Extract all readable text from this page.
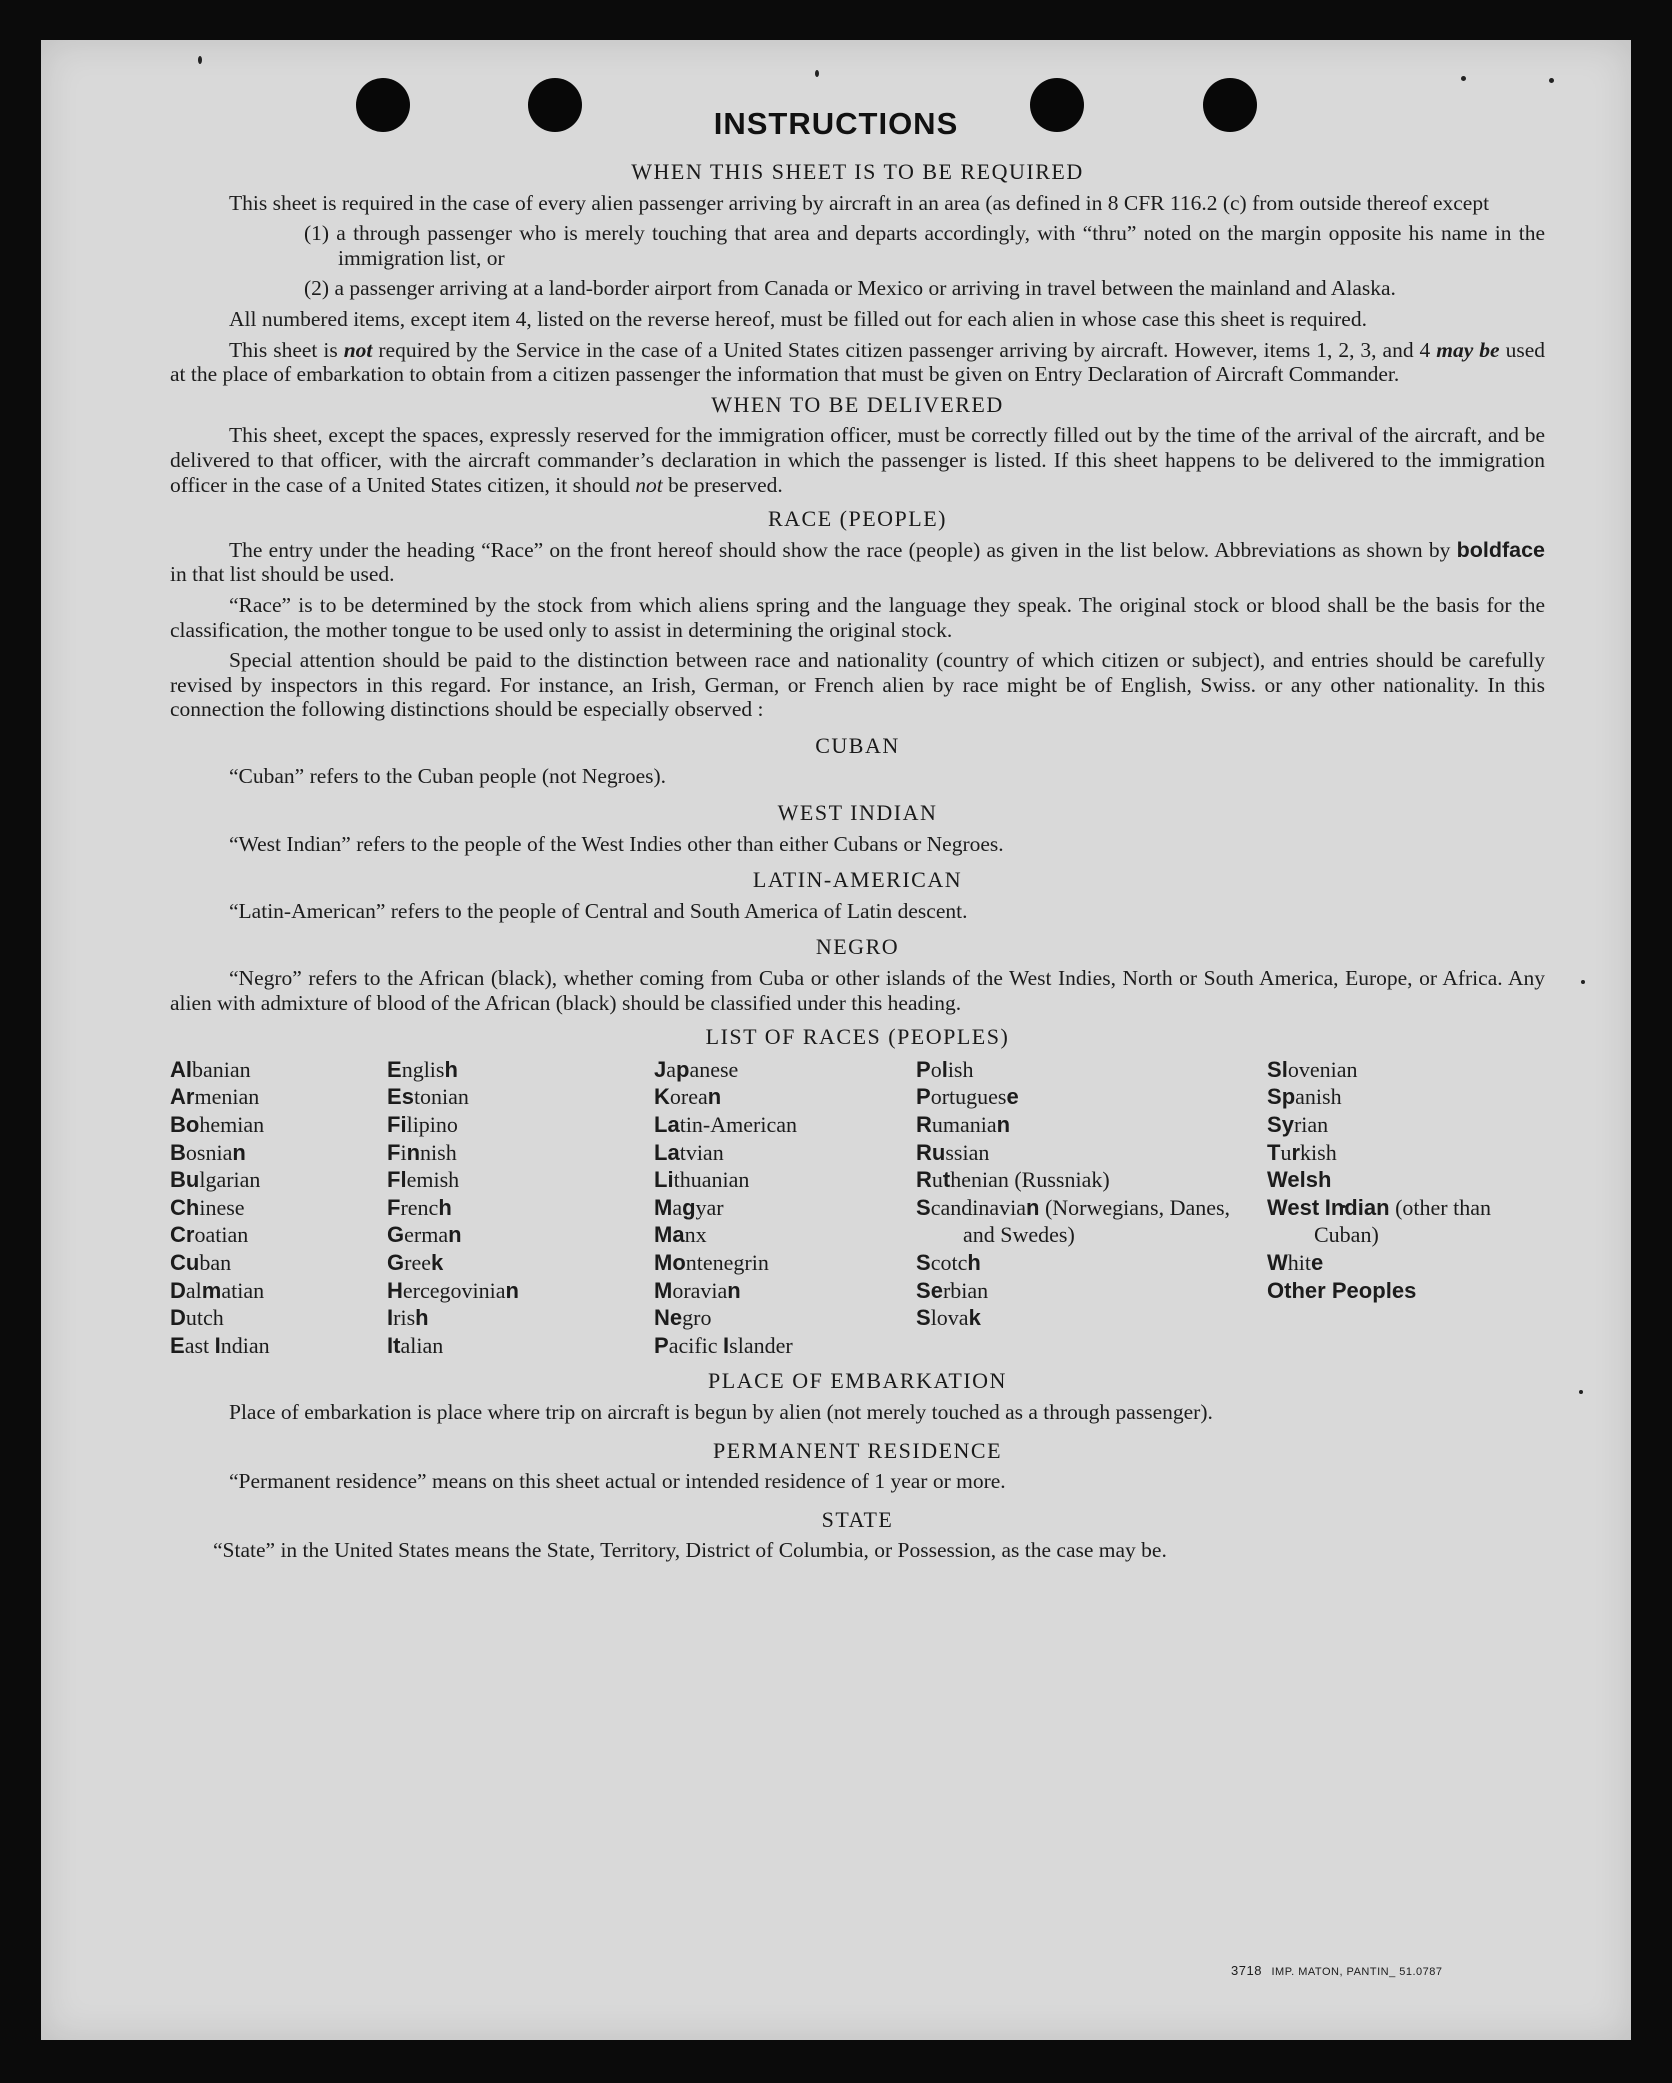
INSTRUCTIONS
WHEN THIS SHEET IS TO BE REQUIRED

This sheet is required in the case of every alien passenger arriving by aircraft in an area (as defined in 8 CFR 116.2 (c) from outside thereof except

(1) a through passenger who is merely touching that area and departs accordingly, with “thru” noted on the margin opposite his name in the immigration list, or
(2) a passenger arriving at a land-border airport from Canada or Mexico or arriving in travel between the mainland and Alaska.

All numbered items, except item 4, listed on the reverse hereof, must be filled out for each alien in whose case this sheet is required.

This sheet is not required by the Service in the case of a United States citizen passenger arriving by aircraft. However, items 1, 2, 3, and 4 may be used at the place of embarkation to obtain from a citizen passenger the information that must be given on Entry Declaration of Aircraft Commander.

WHEN TO BE DELIVERED

This sheet, except the spaces, expressly reserved for the immigration officer, must be correctly filled out by the time of the arrival of the aircraft, and be delivered to that officer, with the aircraft commander’s declaration in which the passenger is listed. If this sheet happens to be delivered to the immigration officer in the case of a United States citizen, it should not be preserved.

RACE (PEOPLE)

The entry under the heading “Race” on the front hereof should show the race (people) as given in the list below. Abbreviations as shown by boldface in that list should be used.

“Race” is to be determined by the stock from which aliens spring and the language they speak. The original stock or blood shall be the basis for the classification, the mother tongue to be used only to assist in determining the original stock.

Special attention should be paid to the distinction between race and nationality (country of which citizen or subject), and entries should be carefully revised by inspectors in this regard. For instance, an Irish, German, or French alien by race might be of English, Swiss. or any other nationality. In this connection the following distinctions should be especially observed :

CUBAN

“Cuban” refers to the Cuban people (not Negroes).

WEST INDIAN

“West Indian” refers to the people of the West Indies other than either Cubans or Negroes.

LATIN-AMERICAN

“Latin-American” refers to the people of Central and South America of Latin descent.

NEGRO

“Negro” refers to the African (black), whether coming from Cuba or other islands of the West Indies, North or South America, Europe, or Africa. Any alien with admixture of blood of the African (black) should be classified under this heading.

LIST OF RACES (PEOPLES)
Albanian
Armenian
Bohemian
Bosnian
Bulgarian
Chinese
Croatian
Cuban
Dalmatian
Dutch
East Indian
English
Estonian
Filipino
Finnish
Flemish
French
German
Greek
Hercegovinian
Irish
Italian
Japanese
Korean
Latin-American
Latvian
Lithuanian
Magyar
Manx
Montenegrin
Moravian
Negro
Pacific Islander
Polish
Portuguese
Rumanian
Russian
Ruthenian (Russniak)
Scandinavian (Norwegians, Danes, and Swedes)
Scotch
Serbian
Slovak
Slovenian
Spanish
Syrian
Turkish
Welsh
West Indian (other than Cuban)
White
Other Peoples
PLACE OF EMBARKATION

Place of embarkation is place where trip on aircraft is begun by alien (not merely touched as a through passenger).

PERMANENT RESIDENCE

“Permanent residence” means on this sheet actual or intended residence of 1 year or more.

STATE

“State” in the United States means the State, Territory, District of Columbia, or Possession, as the case may be.

3718 IMP. MATON, PANTIN_ 51.0787
